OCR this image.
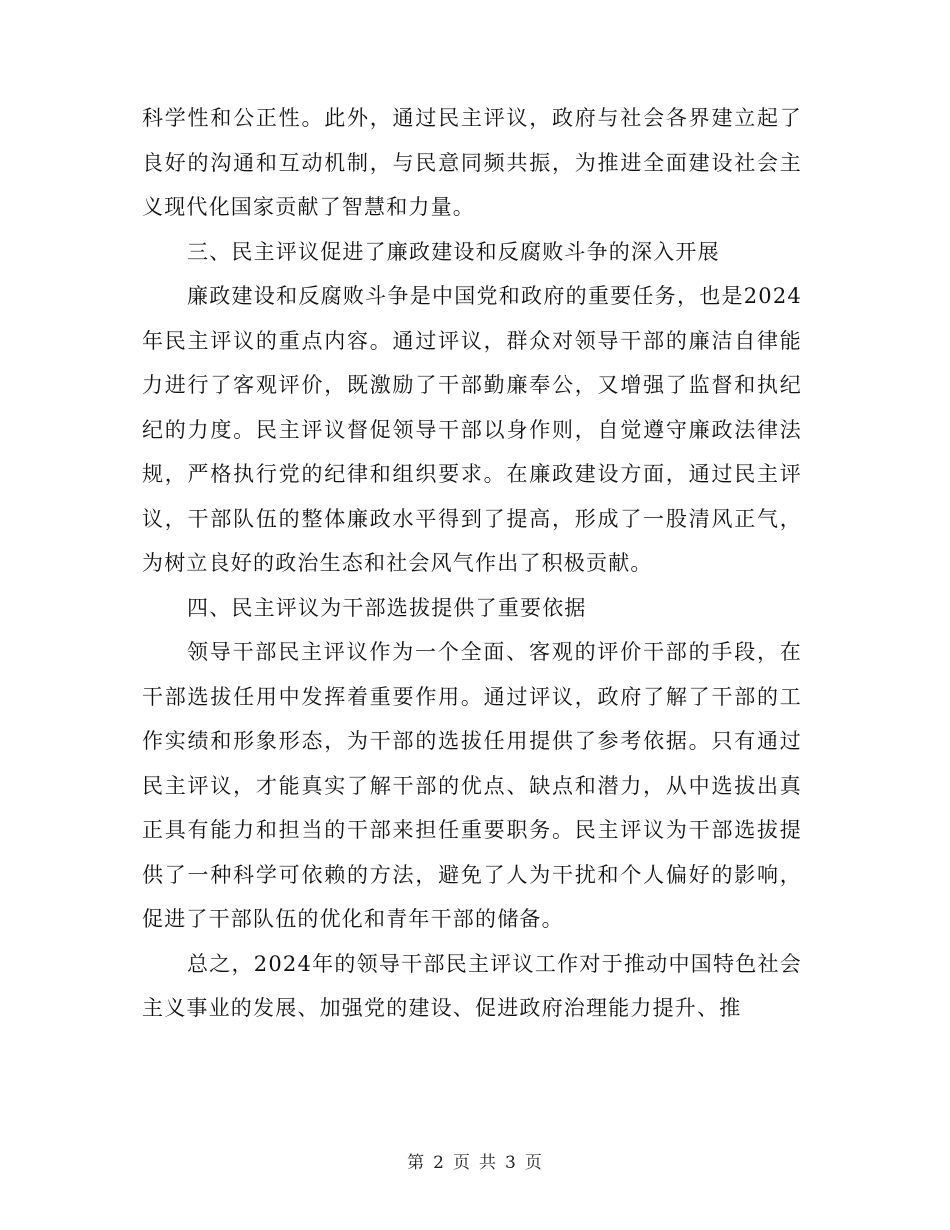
科学性和公正性。此外，通过民主评议，政府与社会各界建立起了良好的沟通和互动机制，与民意同频共振，为推进全面建设社会主义现代化国家贡献了智慧和力量。

三、民主评议促进了廉政建设和反腐败斗争的深入开展

廉政建设和反腐败斗争是中国党和政府的重要任务，也是2024年民主评议的重点内容。通过评议，群众对领导干部的廉洁自律能力进行了客观评价，既激励了干部勤廉奉公，又增强了监督和执纪纪的力度。民主评议督促领导干部以身作则，自觉遵守廉政法律法规，严格执行党的纪律和组织要求。在廉政建设方面，通过民主评议，干部队伍的整体廉政水平得到了提高，形成了一股清风正气，为树立良好的政治生态和社会风气作出了积极贡献。

四、民主评议为干部选拔提供了重要依据

领导干部民主评议作为一个全面、客观的评价干部的手段，在干部选拔任用中发挥着重要作用。通过评议，政府了解了干部的工作实绩和形象形态，为干部的选拔任用提供了参考依据。只有通过民主评议，才能真实了解干部的优点、缺点和潜力，从中选拔出真正具有能力和担当的干部来担任重要职务。民主评议为干部选拔提供了一种科学可依赖的方法，避免了人为干扰和个人偏好的影响，促进了干部队伍的优化和青年干部的储备。

总之，2024年的领导干部民主评议工作对于推动中国特色社会主义事业的发展、加强党的建设、促进政府治理能力提升、推

第 2 页 共 3 页
